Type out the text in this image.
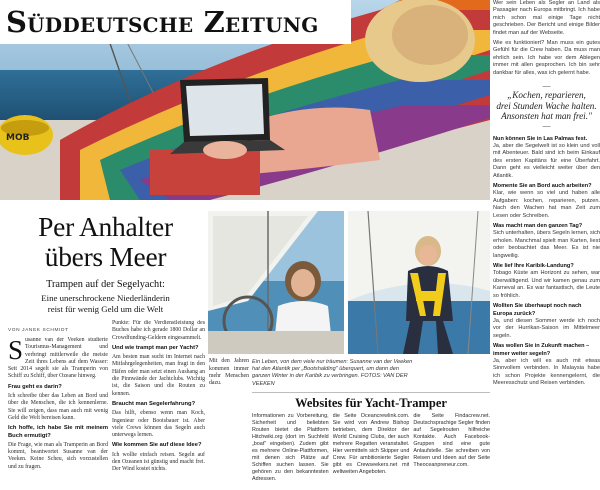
MOB
Süddeutsche Zeitung

Wer sein Leben als Segler an Land als Passagier nach Europa mitbringt. Ich habe mich schon mal einige Tage nicht geschrieben. Der Bericht und einige Bilder findet man auf der Webseite.

Wie es funktioniert? Man muss ein gutes Gefühl für die Crew haben. Da muss man ehrlich sein. Ich habe vor dem Ablegen immer mit allen gesprochen. Ich bin sehr dankbar für alles, was ich gelernt habe.

—
„Kochen, reparieren,
drei Stunden Wache halten.
Ansonsten hat man frei."
—
Nun können Sie in Las Palmas fest.

Ja, aber die Segelwelt ist so klein und voll mit Abenteuer. Bald sind ich beim Einkauf des ersten Kapitäns für eine Überfahrt. Dann geht es vielleicht weiter über den Atlantik.

Momente Sie an Bord auch arbeiten?

Klar, wie wenn so viel und haben alle Aufgaben: kochen, reparieren, putzen. Nach den Wachen hat man Zeit zum Lesen oder Schreiben.

Was macht man den ganzen Tag?

Sich unterhalten, übers Segeln lernen, sich erholen. Manchmal spielt man Karten, liest oder beobachtet das Meer. Es ist nie langweilig.

Wie lief Ihre Karibik-Landung?

Tobago Küste am Horizont zu sehen, war überwältigend. Und wir kamen genau zum Karneval an. Es war fantastisch, die Leute so fröhlich.

Wollten Sie überhaupt noch nach Europa zurück?

Ja, und diesen Sommer werde ich noch vor der Hurrikan-Saison im Mittelmeer segeln.

Was wollen Sie in Zukunft machen – immer weiter segeln?

Ja, aber ich will es auch mit etwas Sinnvollem verbinden. In Malaysia habe ich schon Projekte kennengelernt, die Meeresschutz und Reisen verbinden.

Per Anhalter
übers Meer
Trampen auf der Segelyacht:
Eine unerschrockene Niederländerin
reist für wenig Geld um die Welt
VON JANEK SCHMIDT

Susanne van der Veeken studierte Tourismus-Management und verbringt mittlerweile die meiste Zeit ihres Lebens auf dem Wasser: Seit 2014 segelt sie als Tramperin von Schiff zu Schiff, über Ozeane hinweg.

Frau geht es darin?

Ich schreibe über das Leben an Bord und über die Menschen, die ich kennenlerne. Sie will zeigen, dass man auch mit wenig Geld die Welt bereisen kann.

Ich hoffe, ich habe Sie mit meinem Buch ermutigt?

Die Frage, wie man als Tramperin an Bord kommt, beantwortet Susanne van der Veeken. Keine Scheu, sich vorzustellen und zu fragen.

Punkte: Für die Verdienstleistung des Buches habe ich gerade 1800 Dollar an Crowdfunding-Geldern eingesammelt.

Und wie trampt man per Yacht?

Am besten man sucht im Internet nach Mitfahrgelegenheiten, man fragt in den Häfen oder man setzt einen Aushang an die Pinnwände der Jachtclubs. Wichtig ist, die Saison und die Routen zu kennen.

Braucht man Segelerfahrung?

Das hilft, ebenso wenn man Koch, Ingenieur oder Bootsbauer ist. Aber viele Crews können das Segeln auch unterwegs lernen.

Wie kommen Sie auf diese Idee?

Ich wollte einfach reisen. Segeln auf den Ozeanen ist günstig und macht frei. Der Wind kostet nichts.

Mit den Jahren kommen immer mehr Menschen dazu.

Ein Leben, von dem viele nur träumen: Susanne van der Veeken hat den Atlantik per „Bootshalding" überquert, um dann den ganzen Winter in der Karibik zu verbringen. FOTOS: VAN DER VEEKEN
Websites für Yacht-Tramper

Informationen zu Vorbereitung, Sicherheit und beliebten Routen bietet die Plattform Hitchwiki.org (dort im Suchfeld „boat" eingeben). Zudem gibt es mehrere Online-Plattformen, mit denen sich Plätze auf Schiffen suchen lassen. Sie gehören zu den bekanntesten Adressen.

die Seite Oceancrewlink.com. Sie wird von Andrew Bishop betrieben, dem Direktor der World Cruising Clubs, der auch mehrere Regatten veranstaltet. Hier vermitteln sich Skipper und Crew. Für ambitionierte Segler gibt es Crewseekers.net mit weltweiten Angeboten.

die Seite Findacrew.net. Deutschsprachige Segler finden auf Segelrouten hilfreiche Kontakte. Auch Facebook-Gruppen sind eine gute Anlaufstelle. Sie schreiben von Reisen und Ideen auf der Seite Theoceanpreneur.com.
